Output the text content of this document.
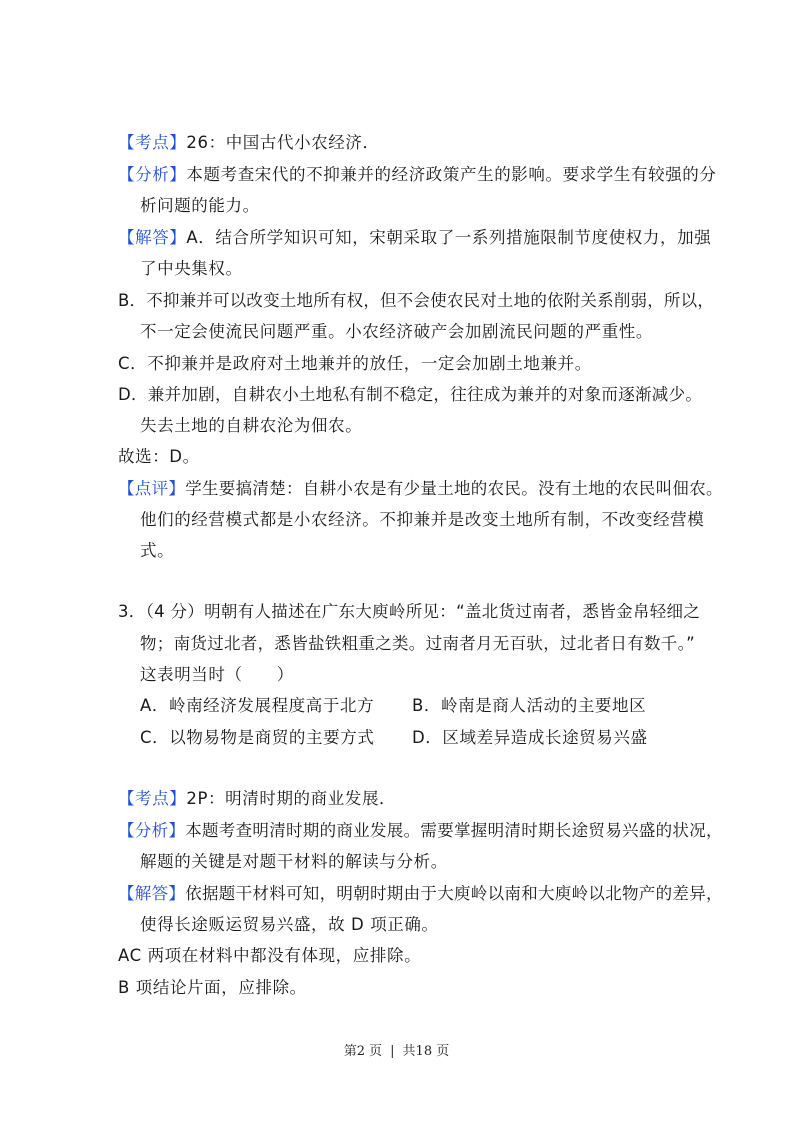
【考点】26：中国古代小农经济．
【分析】本题考查宋代的不抑兼并的经济政策产生的影响。要求学生有较强的分
析问题的能力。
【解答】A．结合所学知识可知，宋朝采取了一系列措施限制节度使权力，加强
了中央集权。
B．不抑兼并可以改变土地所有权，但不会使农民对土地的依附关系削弱，所以，
不一定会使流民问题严重。小农经济破产会加剧流民问题的严重性。
C．不抑兼并是政府对土地兼并的放任，一定会加剧土地兼并。
D．兼并加剧，自耕农小土地私有制不稳定，往往成为兼并的对象而逐渐减少。
失去土地的自耕农沦为佃农。
故选：D。
【点评】学生要搞清楚：自耕小农是有少量土地的农民。没有土地的农民叫佃农。
他们的经营模式都是小农经济。不抑兼并是改变土地所有制，不改变经营模
式。
3．（4 分）明朝有人描述在广东大庾岭所见：“盖北货过南者，悉皆金帛轻细之
物；南货过北者，悉皆盐铁粗重之类。过南者月无百驮，过北者日有数千。”
这表明当时（　　）
A．岭南经济发展程度高于北方 B．岭南是商人活动的主要地区
C．以物易物是商贸的主要方式 D．区域差异造成长途贸易兴盛
【考点】2P：明清时期的商业发展．
【分析】本题考查明清时期的商业发展。需要掌握明清时期长途贸易兴盛的状况，
解题的关键是对题干材料的解读与分析。
【解答】依据题干材料可知，明朝时期由于大庾岭以南和大庾岭以北物产的差异，
使得长途贩运贸易兴盛，故 D 项正确。
AC 两项在材料中都没有体现，应排除。
B 项结论片面，应排除。
第2 页 | 共18 页
